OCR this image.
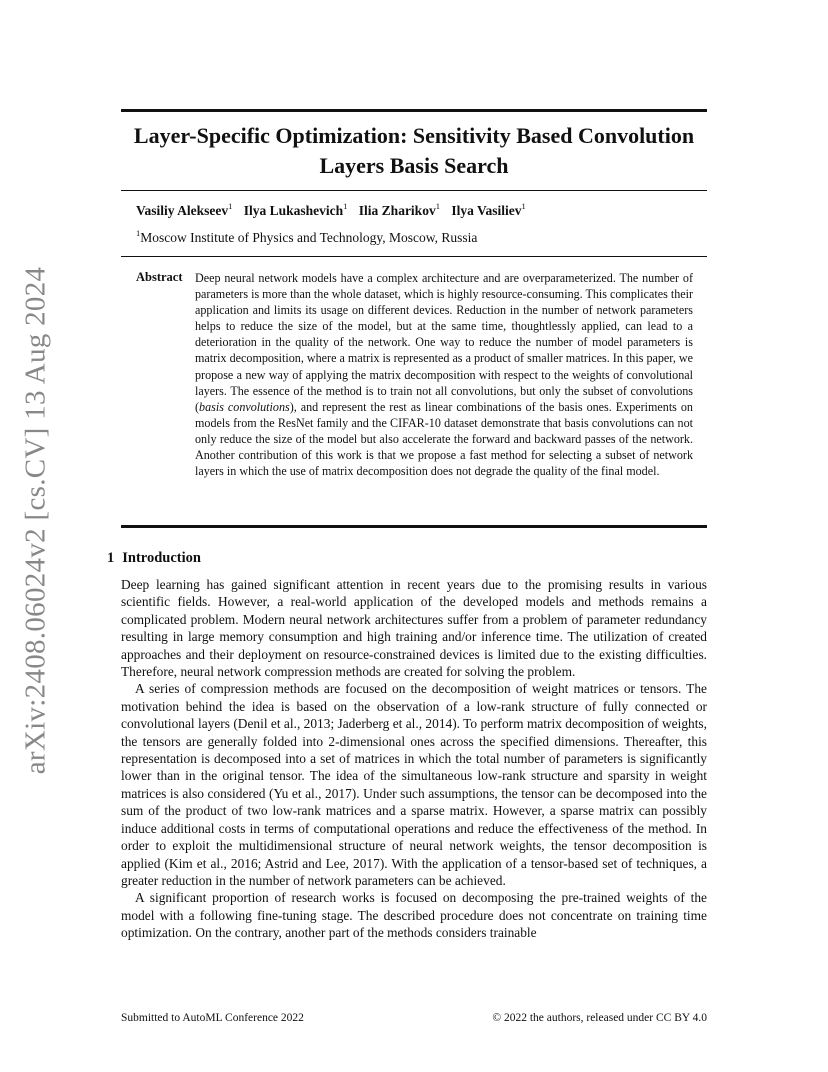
arXiv:2408.06024v2 [cs.CV] 13 Aug 2024
Layer-Specific Optimization: Sensitivity Based Convolution Layers Basis Search
Vasiliy Alekseev$^1$ Ilya Lukashevich$^1$ Ilia Zharikov$^1$ Ilya Vasiliev$^1$
$^1$Moscow Institute of Physics and Technology, Moscow, Russia
Abstract Deep neural network models have a complex architecture and are overparameterized. The number of parameters is more than the whole dataset, which is highly resource-consuming. This complicates their application and limits its usage on different devices. Reduction in the number of network parameters helps to reduce the size of the model, but at the same time, thoughtlessly applied, can lead to a deterioration in the quality of the network. One way to reduce the number of model parameters is matrix decomposition, where a matrix is represented as a product of smaller matrices. In this paper, we propose a new way of applying the matrix decomposition with respect to the weights of convolutional layers. The essence of the method is to train not all convolutions, but only the subset of convolutions (basis convolutions), and represent the rest as linear combinations of the basis ones. Experiments on models from the ResNet family and the CIFAR-10 dataset demonstrate that basis convolutions can not only reduce the size of the model but also accelerate the forward and backward passes of the network. Another contribution of this work is that we propose a fast method for selecting a subset of network layers in which the use of matrix decomposition does not degrade the quality of the final model.
1 Introduction

Deep learning has gained significant attention in recent years due to the promising results in various scientific fields. However, a real-world application of the developed models and methods remains a complicated problem. Modern neural network architectures suffer from a problem of parameter redundancy resulting in large memory consumption and high training and/or inference time. The utilization of created approaches and their deployment on resource-constrained devices is limited due to the existing difficulties. Therefore, neural network compression methods are created for solving the problem.

A series of compression methods are focused on the decomposition of weight matrices or tensors. The motivation behind the idea is based on the observation of a low-rank structure of fully connected or convolutional layers (Denil et al., 2013; Jaderberg et al., 2014). To perform matrix decomposition of weights, the tensors are generally folded into 2-dimensional ones across the specified dimensions. Thereafter, this representation is decomposed into a set of matrices in which the total number of parameters is significantly lower than in the original tensor. The idea of the simultaneous low-rank structure and sparsity in weight matrices is also considered (Yu et al., 2017). Under such assumptions, the tensor can be decomposed into the sum of the product of two low-rank matrices and a sparse matrix. However, a sparse matrix can possibly induce additional costs in terms of computational operations and reduce the effectiveness of the method. In order to exploit the multidimensional structure of neural network weights, the tensor decomposition is applied (Kim et al., 2016; Astrid and Lee, 2017). With the application of a tensor-based set of techniques, a greater reduction in the number of network parameters can be achieved.

A significant proportion of research works is focused on decomposing the pre-trained weights of the model with a following fine-tuning stage. The described procedure does not concentrate on training time optimization. On the contrary, another part of the methods considers trainable

Submitted to AutoML Conference 2022	© 2022 the authors, released under CC BY 4.0
